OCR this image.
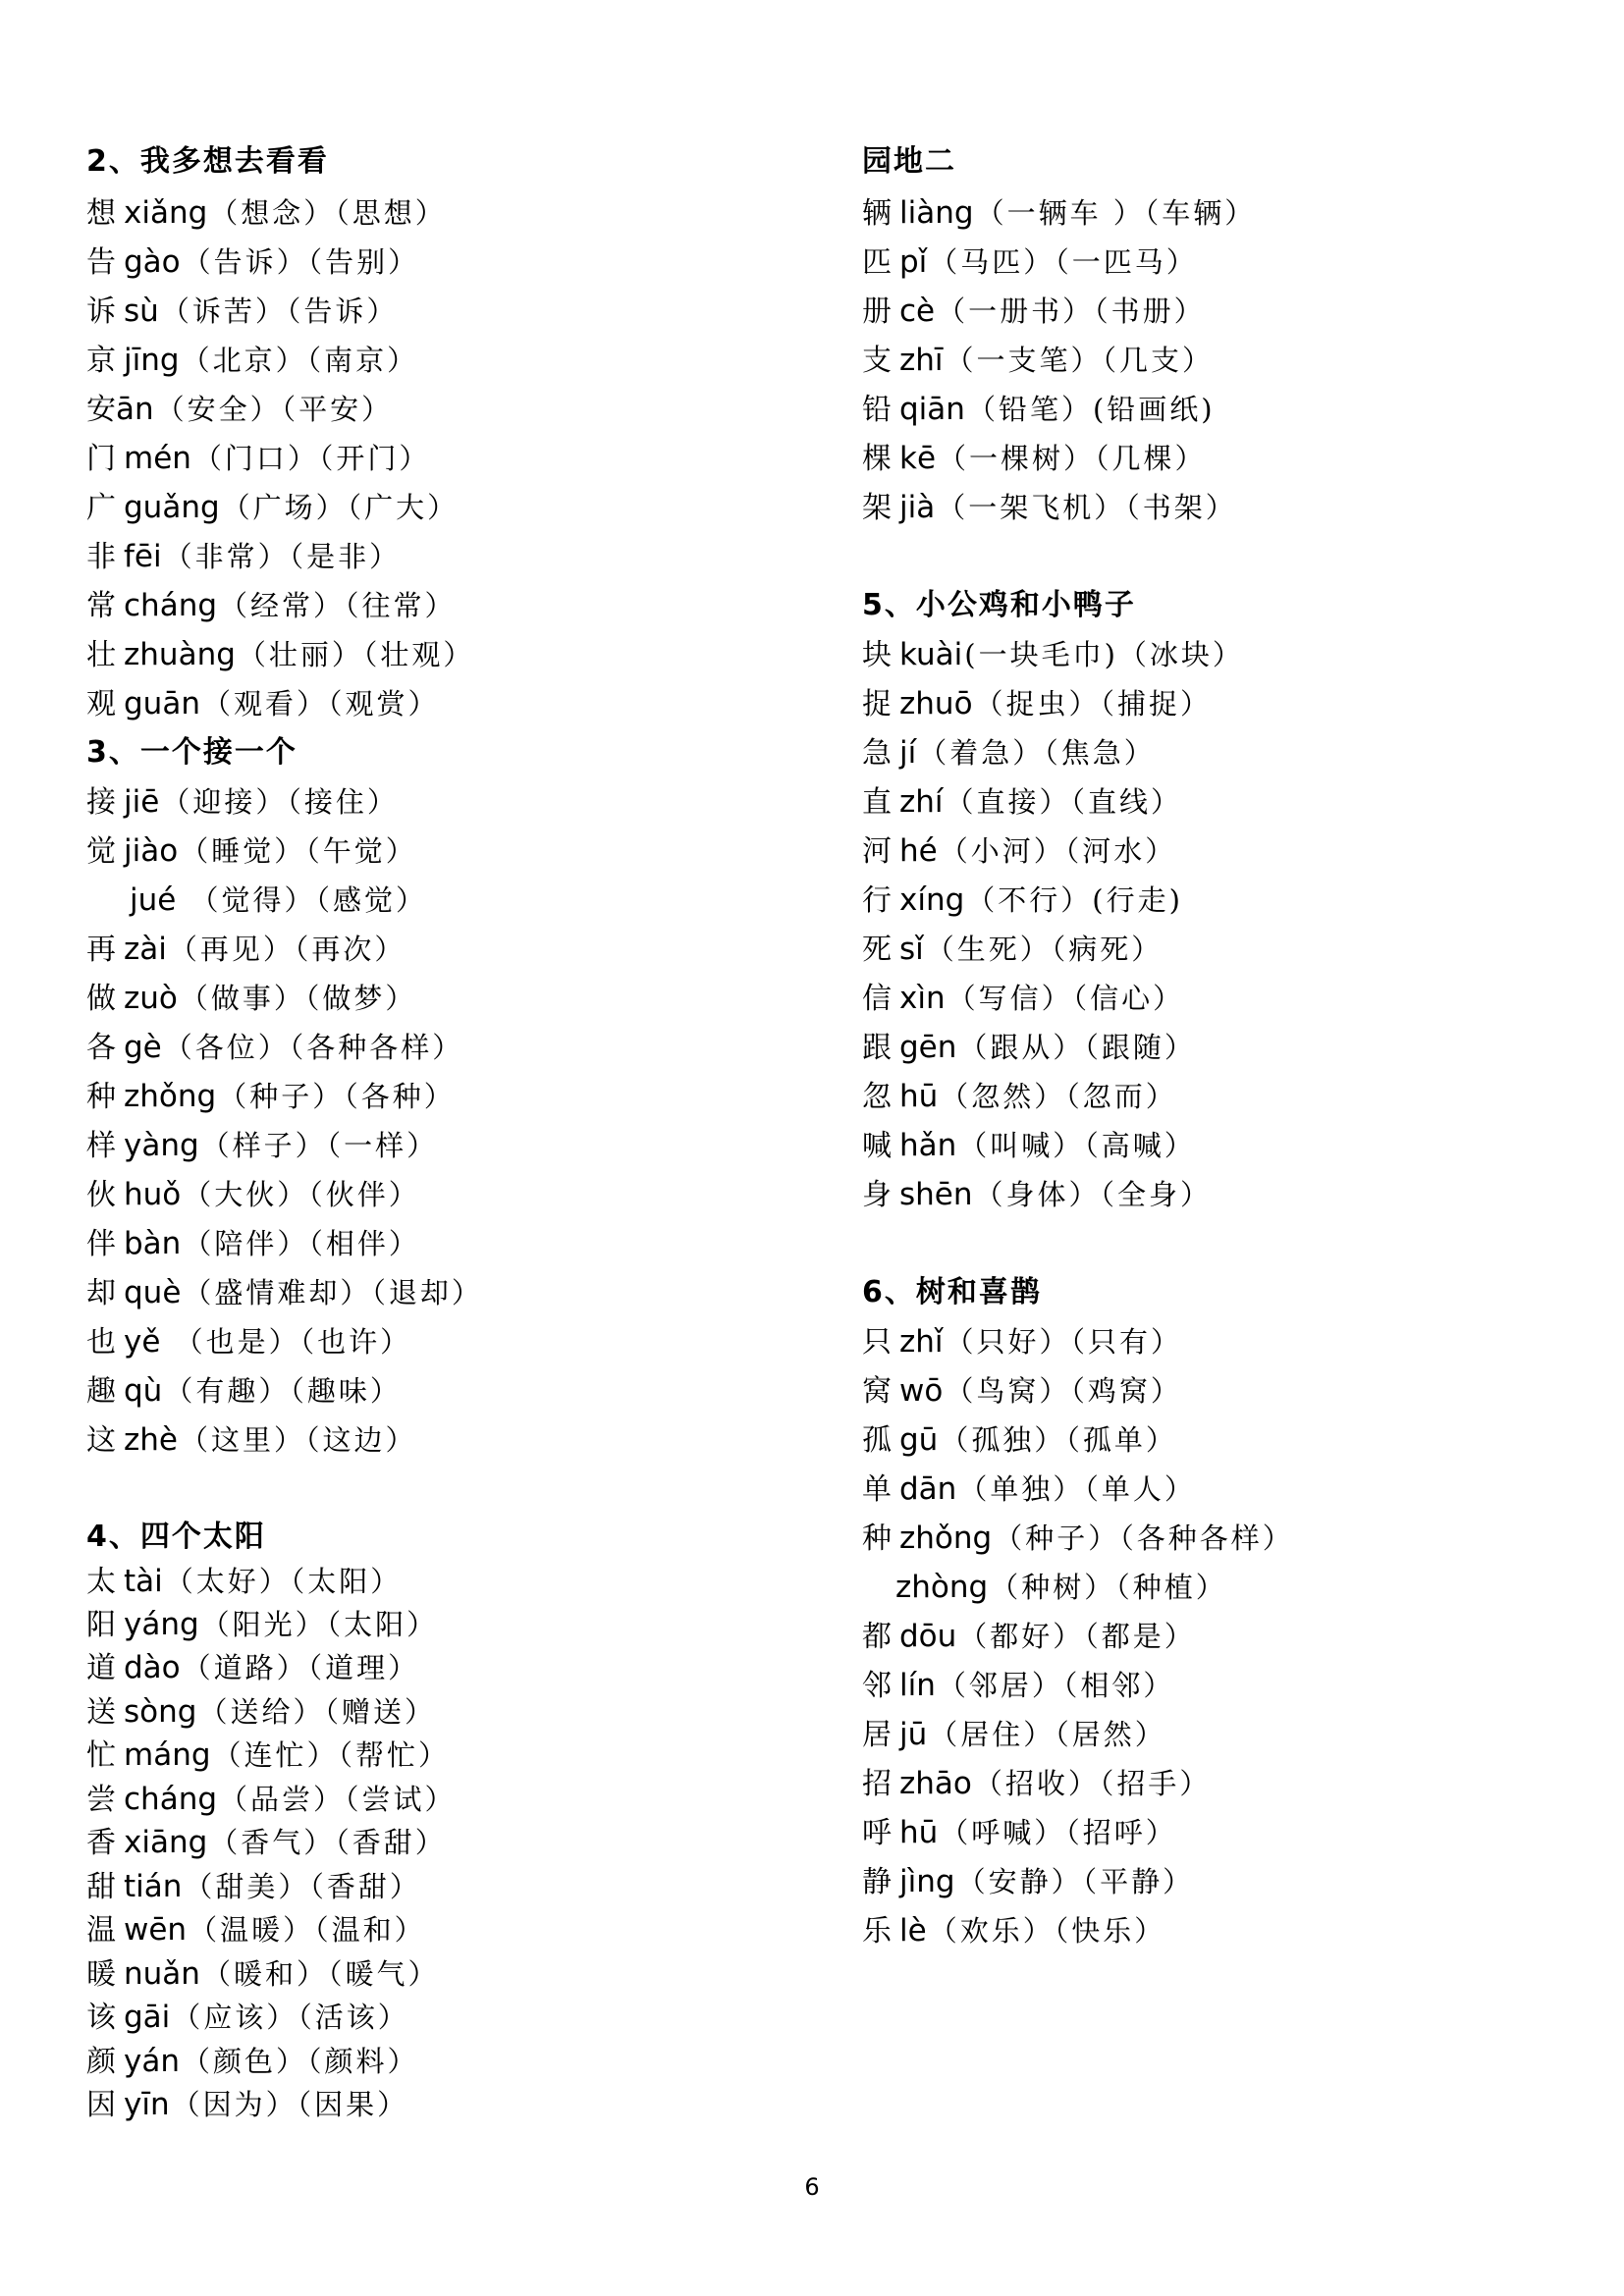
2、我多想去看看
想 xiǎng（想念）（思想）
告 gào（告诉）（告别）
诉 sù（诉苦）（告诉）
京 jīng（北京）（南京）
安ān（安全）（平安）
门 mén（门口）（开门）
广 guǎng（广场）（广大）
非 fēi（非常）（是非）
常 cháng（经常）（往常）
壮 zhuàng（壮丽）（壮观）
观 guān（观看）（观赏）
3、一个接一个
接 jiē（迎接）（接住）
觉 jiào（睡觉）（午觉）
jué （觉得）（感觉）
再 zài（再见）（再次）
做 zuò（做事）（做梦）
各 gè（各位）（各种各样）
种 zhǒng（种子）（各种）
样 yàng（样子）（一样）
伙 huǒ（大伙）（伙伴）
伴 bàn（陪伴）（相伴）
却 què（盛情难却）（退却）
也 yě （也是）（也许）
趣 qù（有趣）（趣味）
这 zhè（这里）（这边）
4、四个太阳
太 tài（太好）（太阳）
阳 yáng（阳光）（太阳）
道 dào（道路）（道理）
送 sòng（送给）（赠送）
忙 máng（连忙）（帮忙）
尝 cháng（品尝）（尝试）
香 xiāng（香气）（香甜）
甜 tián（甜美）（香甜）
温 wēn（温暖）（温和）
暖 nuǎn（暖和）（暖气）
该 gāi（应该）（活该）
颜 yán（颜色）（颜料）
因 yīn（因为）（因果）
园地二
辆 liàng（一辆车 ）（车辆）
匹 pǐ（马匹）（一匹马）
册 cè（一册书）（书册）
支 zhī（一支笔）（几支）
铅 qiān（铅笔）(铅画纸)
棵 kē（一棵树）（几棵）
架 jià（一架飞机）（书架）
5、小公鸡和小鸭子
块 kuài(一块毛巾)（冰块）
捉 zhuō（捉虫）（捕捉）
急 jí（着急）（焦急）
直 zhí（直接）（直线）
河 hé（小河）（河水）
行 xíng（不行）(行走)
死 sǐ（生死）（病死）
信 xìn（写信）（信心）
跟 gēn（跟从）（跟随）
忽 hū（忽然）（忽而）
喊 hǎn（叫喊）（高喊）
身 shēn（身体）（全身）
6、树和喜鹊
只 zhǐ（只好）（只有）
窝 wō（鸟窝）（鸡窝）
孤 gū（孤独）（孤单）
单 dān（单独）（单人）
种 zhǒng（种子）（各种各样）
zhòng（种树）（种植）
都 dōu（都好）（都是）
邻 lín（邻居）（相邻）
居 jū（居住）（居然）
招 zhāo（招收）（招手）
呼 hū（呼喊）（招呼）
静 jìng（安静）（平静）
乐 lè（欢乐）（快乐）
6
